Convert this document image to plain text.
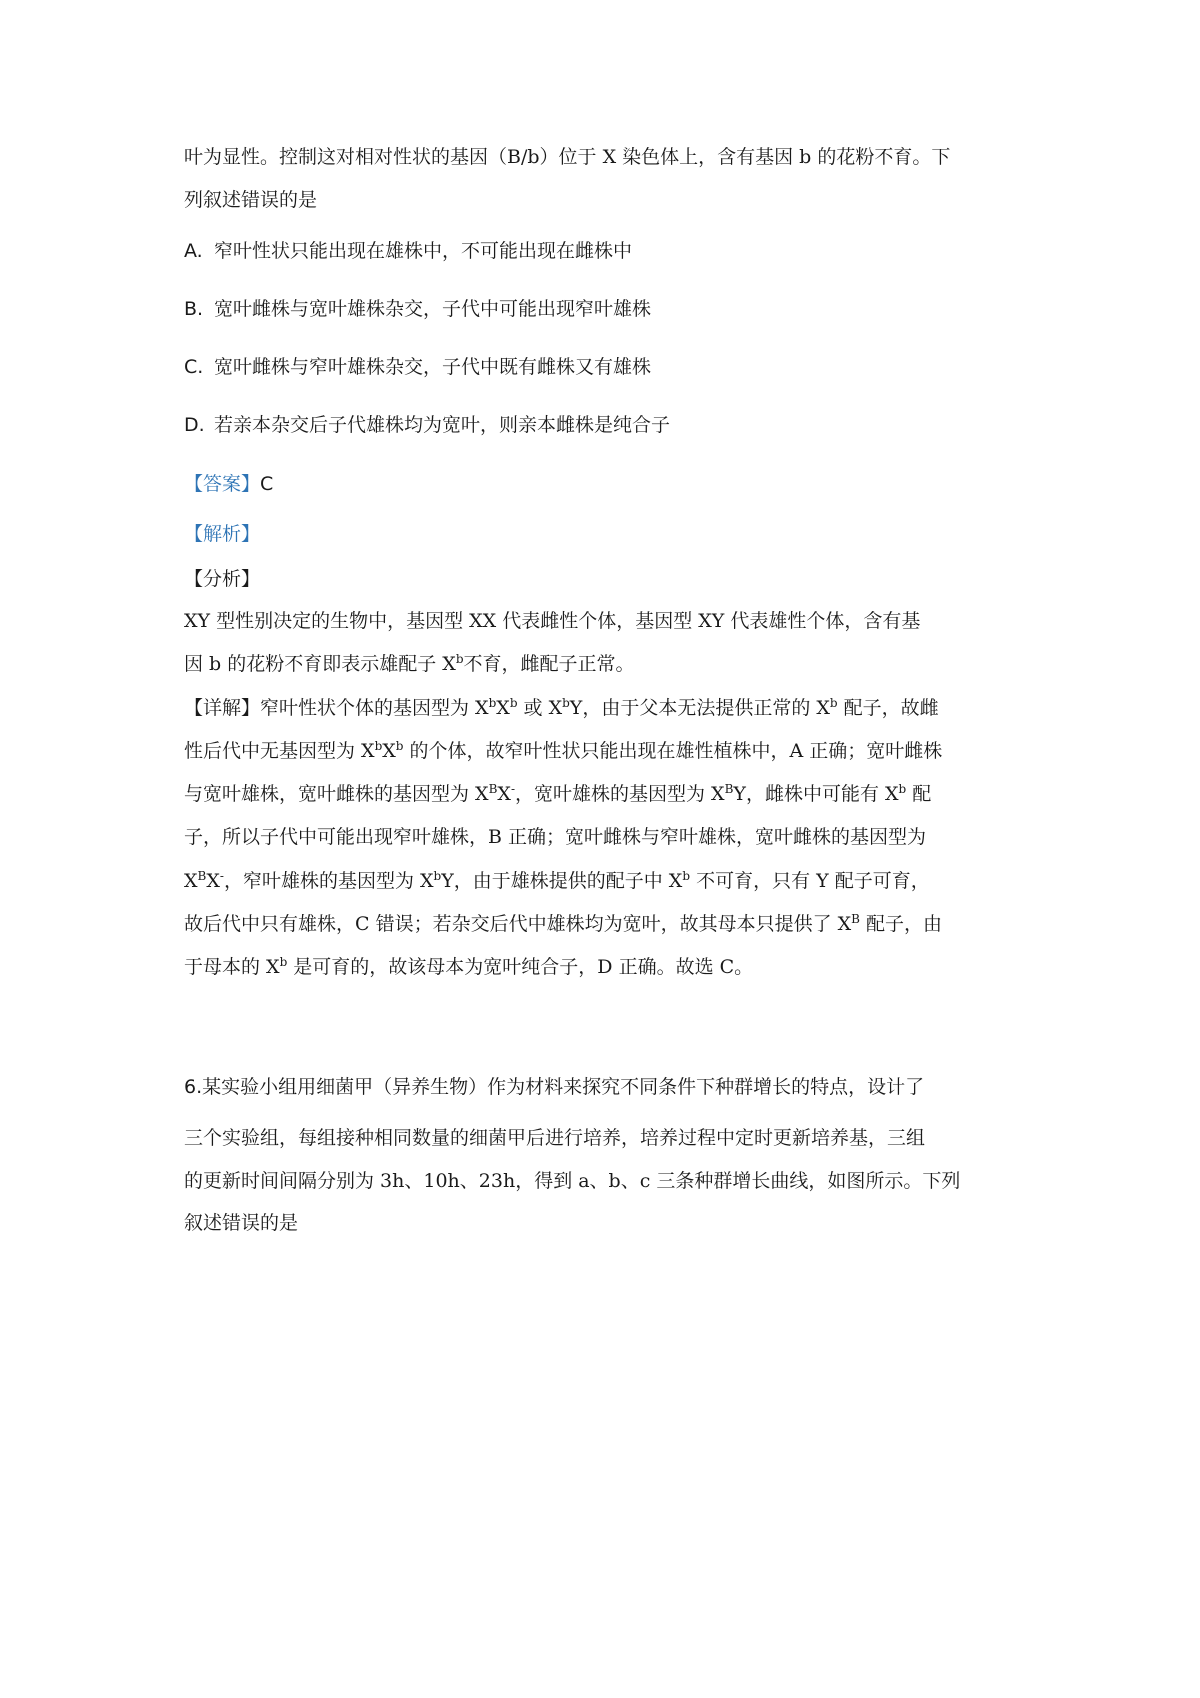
叶为显性。控制这对相对性状的基因（B/b）位于 X 染色体上，含有基因 b 的花粉不育。下
列叙述错误的是
A. 窄叶性状只能出现在雄株中，不可能出现在雌株中
B. 宽叶雌株与宽叶雄株杂交，子代中可能出现窄叶雄株
C. 宽叶雌株与窄叶雄株杂交，子代中既有雌株又有雄株
D. 若亲本杂交后子代雄株均为宽叶，则亲本雌株是纯合子
【答案】C
【解析】
【分析】
XY 型性别决定的生物中，基因型 XX 代表雌性个体，基因型 XY 代表雄性个体，含有基
因 b 的花粉不育即表示雄配子 $X^b$不育，雌配子正常。
【详解】窄叶性状个体的基因型为 $X^bX^b$ 或 $X^bY$，由于父本无法提供正常的 $X^b$ 配子，故雌
性后代中无基因型为 $X^bX^b$ 的个体，故窄叶性状只能出现在雄性植株中，A 正确；宽叶雌株
与宽叶雄株，宽叶雌株的基因型为 $X^BX^-$，宽叶雄株的基因型为 $X^BY$，雌株中可能有 $X^b$ 配
子，所以子代中可能出现窄叶雄株，B 正确；宽叶雌株与窄叶雄株，宽叶雌株的基因型为
$X^BX^-$，窄叶雄株的基因型为 $X^bY$，由于雄株提供的配子中 $X^b$ 不可育，只有 Y 配子可育，
故后代中只有雄株，C 错误；若杂交后代中雄株均为宽叶，故其母本只提供了 $X^B$ 配子，由
于母本的 $X^b$ 是可育的，故该母本为宽叶纯合子，D 正确。故选 C。
6.某实验小组用细菌甲（异养生物）作为材料来探究不同条件下种群增长的特点，设计了
三个实验组，每组接种相同数量的细菌甲后进行培养，培养过程中定时更新培养基，三组
的更新时间间隔分别为 3h、10h、23h，得到 a、b、c 三条种群增长曲线，如图所示。下列
叙述错误的是
